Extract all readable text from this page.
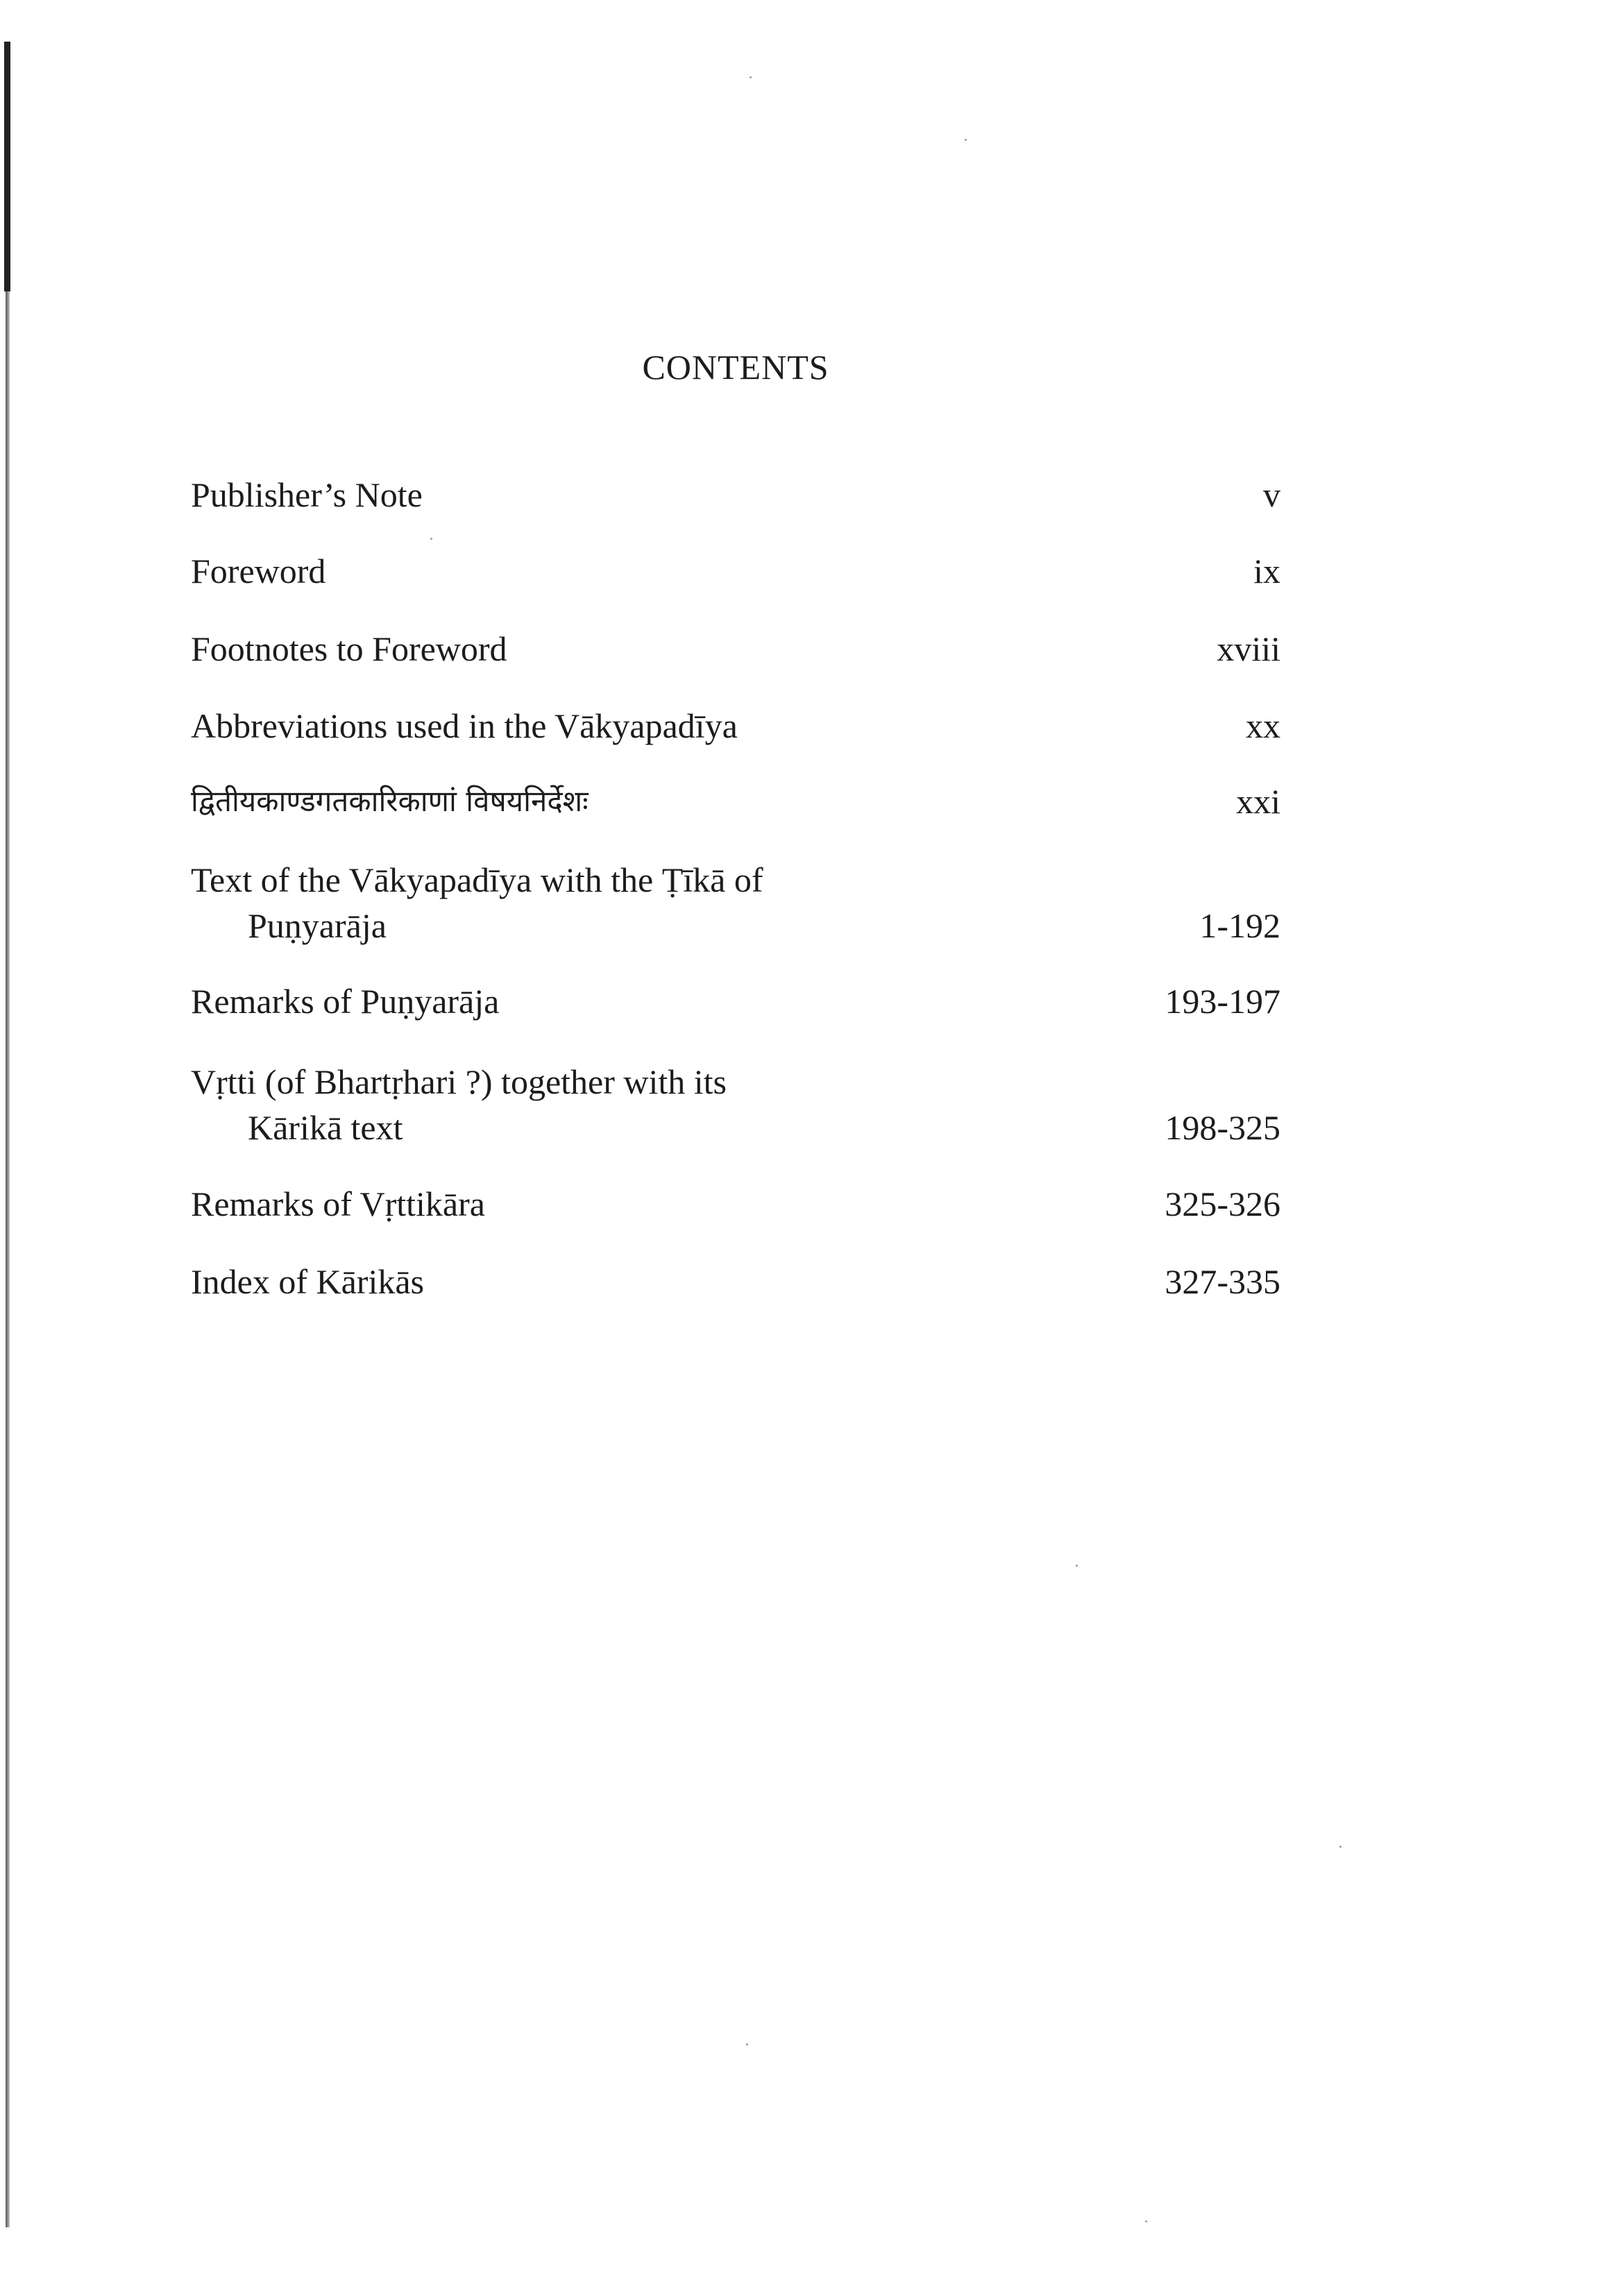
CONTENTS
Publisher’s Note	v
Foreword	ix
Footnotes to Foreword	xviii
Abbreviations used in the Vākyapadīya	xx
द्वितीयकाण्डगतकारिकाणां विषयनिर्देशः	xxi
Text of the Vākyapadīya with the Ṭīkā of
Puṇyarāja	1-192
Remarks of Puṇyarāja	193-197
Vṛtti (of Bhartṛhari ?) together with its
Kārikā text	198-325
Remarks of Vṛttikāra	325-326
Index of Kārikās	327-335
